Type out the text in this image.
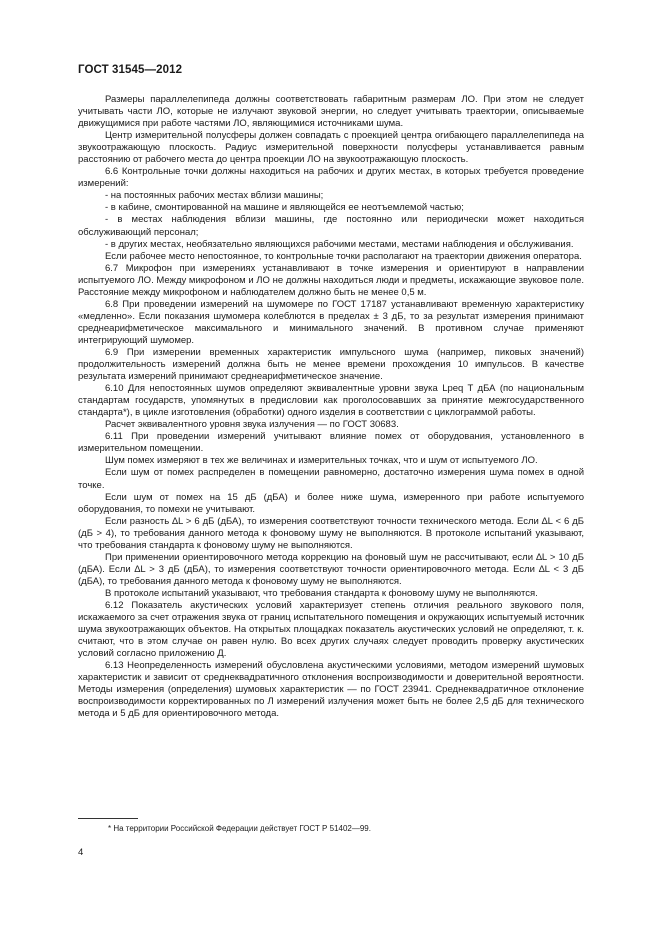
ГОСТ 31545—2012

Размеры параллелепипеда должны соответствовать габаритным размерам ЛО. При этом не следует учитывать части ЛО, которые не излучают звуковой энергии, но следует учитывать траектории, описываемые движущимися при работе частями ЛО, являющимися источниками шума.

Центр измерительной полусферы должен совпадать с проекцией центра огибающего параллелепипеда на звукоотражающую плоскость. Радиус измерительной поверхности полусферы устанавливается равным расстоянию от рабочего места до центра проекции ЛО на звукоотражающую плоскость.

6.6 Контрольные точки должны находиться на рабочих и других местах, в которых требуется проведение измерений:

- на постоянных рабочих местах вблизи машины;

- в кабине, смонтированной на машине и являющейся ее неотъемлемой частью;

- в местах наблюдения вблизи машины, где постоянно или периодически может находиться обслуживающий персонал;

- в других местах, необязательно являющихся рабочими местами, местами наблюдения и обслуживания.

Если рабочее место непостоянное, то контрольные точки располагают на траектории движения оператора.

6.7 Микрофон при измерениях устанавливают в точке измерения и ориентируют в направлении испытуемого ЛО. Между микрофоном и ЛО не должны находиться люди и предметы, искажающие звуковое поле. Расстояние между микрофоном и наблюдателем должно быть не менее 0,5 м.

6.8 При проведении измерений на шумомере по ГОСТ 17187 устанавливают временную характеристику «медленно». Если показания шумомера колеблются в пределах ± 3 дБ, то за результат измерения принимают среднеарифметическое максимального и минимального значений. В противном случае применяют интегрирующий шумомер.

6.9 При измерении временных характеристик импульсного шума (например, пиковых значений) продолжительность измерений должна быть не менее времени прохождения 10 импульсов. В качестве результата измерений принимают среднеарифметическое значение.

6.10 Для непостоянных шумов определяют эквивалентные уровни звука Lрeq T дБА (по национальным стандартам государств, упомянутых в предисловии как проголосовавших за принятие межгосударственного стандарта*), в цикле изготовления (обработки) одного изделия в соответствии с циклограммой работы.

Расчет эквивалентного уровня звука излучения — по ГОСТ 30683.

6.11 При проведении измерений учитывают влияние помех от оборудования, установленного в измерительном помещении.

Шум помех измеряют в тех же величинах и измерительных точках, что и шум от испытуемого ЛО.

Если шум от помех распределен в помещении равномерно, достаточно измерения шума помех в одной точке.

Если шум от помех на 15 дБ (дБА) и более ниже шума, измеренного при работе испытуемого оборудования, то помехи не учитывают.

Если разность ∆L > 6 дБ (дБА), то измерения соответствуют точности технического метода. Если ∆L < 6 дБ (дБ > 4), то требования данного метода к фоновому шуму не выполняются. В протоколе испытаний указывают, что требования стандарта к фоновому шуму не выполняются.

При применении ориентировочного метода коррекцию на фоновый шум не рассчитывают, если ∆L > 10 дБ (дБА). Если ∆L > 3 дБ (дБА), то измерения соответствуют точности ориентировочного метода. Если ∆L < 3 дБ (дБА), то требования данного метода к фоновому шуму не выполняются.

В протоколе испытаний указывают, что требования стандарта к фоновому шуму не выполняются.

6.12 Показатель акустических условий характеризует степень отличия реального звукового поля, искажаемого за счет отражения звука от границ испытательного помещения и окружающих испытуемый источник шума звукоотражающих объектов. На открытых площадках показатель акустических условий не определяют, т. к. считают, что в этом случае он равен нулю. Во всех других случаях следует проводить проверку акустических условий согласно приложению Д.

6.13 Неопределенность измерений обусловлена акустическими условиями, методом измерений шумовых характеристик и зависит от среднеквадратичного отклонения воспроизводимости и доверительной вероятности. Методы измерения (определения) шумовых характеристик — по ГОСТ 23941. Среднеквадратичное отклонение воспроизводимости корректированных по Л измерений излучения может быть не более 2,5 дБ для технического метода и 5 дБ для ориентировочного метода.

* На территории Российской Федерации действует ГОСТ Р 51402—99.
4
